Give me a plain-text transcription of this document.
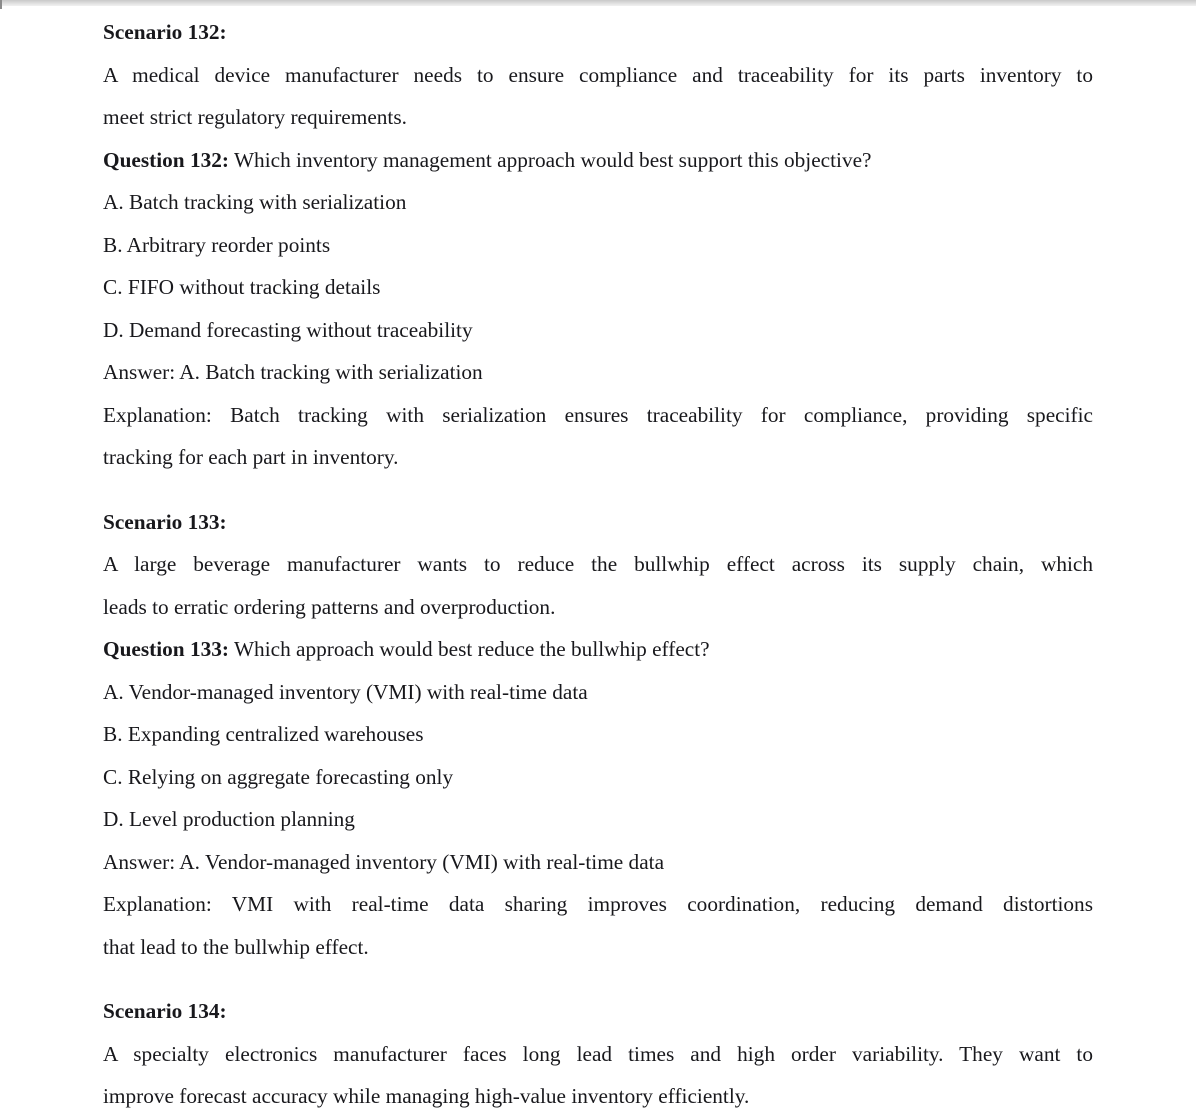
Scenario 132:
A medical device manufacturer needs to ensure compliance and traceability for its parts inventory to
meet strict regulatory requirements.
Question 132: Which inventory management approach would best support this objective?
A. Batch tracking with serialization
B. Arbitrary reorder points
C. FIFO without tracking details
D. Demand forecasting without traceability
Answer: A. Batch tracking with serialization
Explanation: Batch tracking with serialization ensures traceability for compliance, providing specific
tracking for each part in inventory.
Scenario 133:
A large beverage manufacturer wants to reduce the bullwhip effect across its supply chain, which
leads to erratic ordering patterns and overproduction.
Question 133: Which approach would best reduce the bullwhip effect?
A. Vendor-managed inventory (VMI) with real-time data
B. Expanding centralized warehouses
C. Relying on aggregate forecasting only
D. Level production planning
Answer: A. Vendor-managed inventory (VMI) with real-time data
Explanation: VMI with real-time data sharing improves coordination, reducing demand distortions
that lead to the bullwhip effect.
Scenario 134:
A specialty electronics manufacturer faces long lead times and high order variability. They want to
improve forecast accuracy while managing high-value inventory efficiently.
